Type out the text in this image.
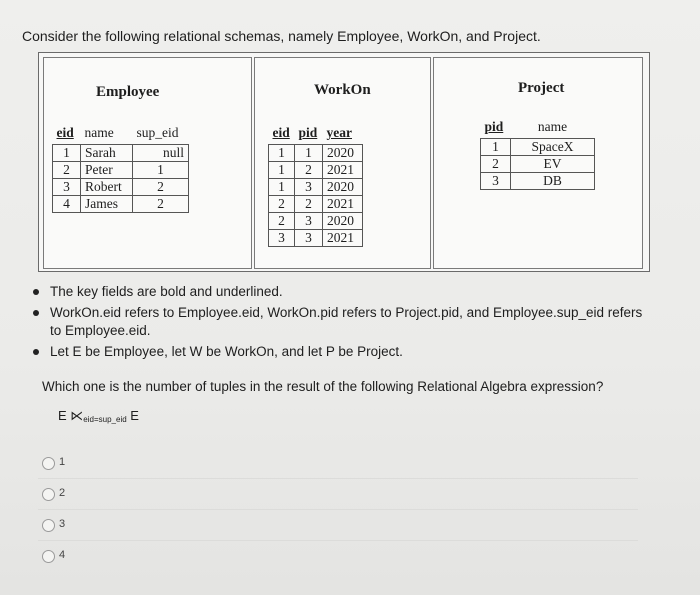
Consider the following relational schemas, namely Employee, WorkOn, and Project.
Employee
eid	name	sup_eid
1	Sarah	null
2	Peter	1
3	Robert	2
4	James	2
WorkOn
eid	pid	year
1	1	2020
1	2	2021
1	3	2020
2	2	2021
2	3	2020
3	3	2021
Project
pid	name
1	SpaceX
2	EV
3	DB
The key fields are bold and underlined.
WorkOn.eid refers to Employee.eid, WorkOn.pid refers to Project.pid, and Employee.sup_eid refers to Employee.eid.
Let E be Employee, let W be WorkOn, and let P be Project.
Which one is the number of tuples in the result of the following Relational Algebra expression?
E $⋉_{eid=sup\_eid}$ E
1
2
3
4
